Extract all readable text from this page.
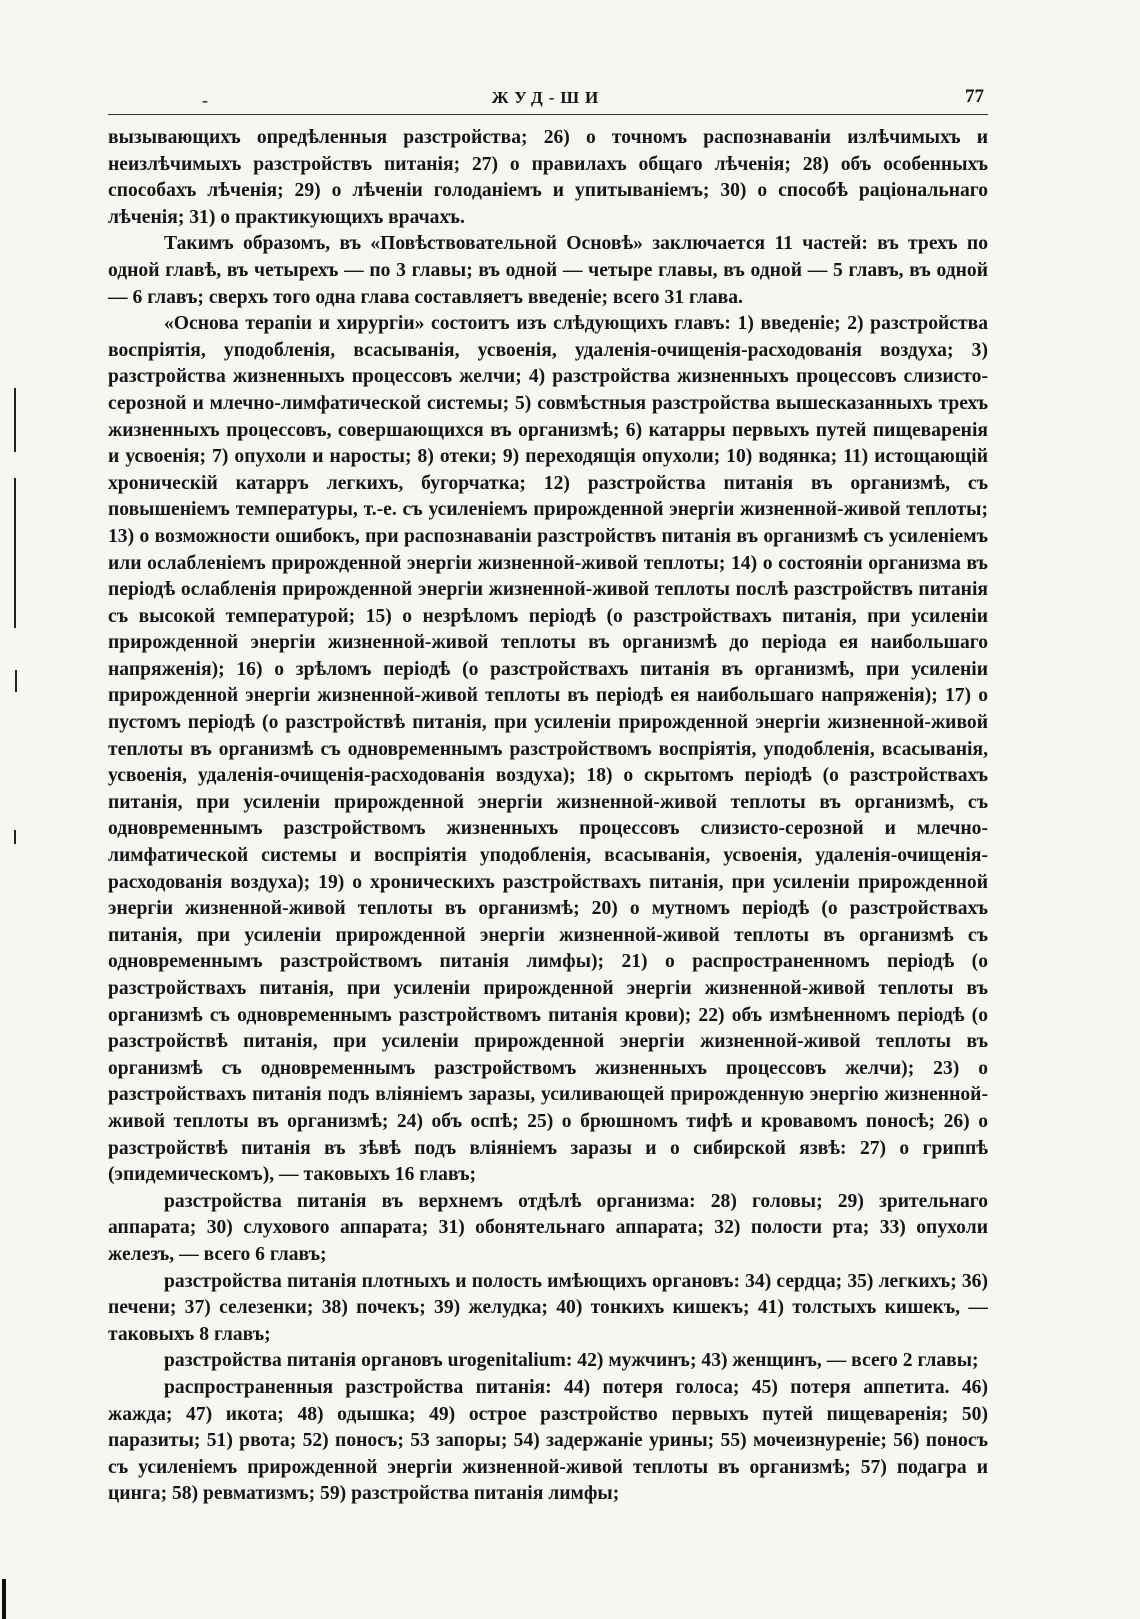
-	ЖУД-ШИ	77

вызывающихъ опредѣленныя разстройства; 26) о точномъ распознаваніи излѣчимыхъ и неизлѣчимыхъ разстройствъ питанія; 27) о правилахъ общаго лѣченія; 28) объ особенныхъ способахъ лѣченія; 29) о лѣченіи голоданіемъ и упитываніемъ; 30) о способѣ раціональнаго лѣченія; 31) о практикующихъ врачахъ.

Такимъ образомъ, въ «Повѣствовательной Основѣ» заключается 11 частей: въ трехъ по одной главѣ, въ четырехъ — по 3 главы; въ одной — четыре главы, въ одной — 5 главъ, въ одной — 6 главъ; сверхъ того одна глава составляетъ введеніе; всего 31 глава.

«Основа терапіи и хирургіи» состоитъ изъ слѣдующихъ главъ: 1) введеніе; 2) разстройства воспріятія, уподобленія, всасыванія, усвоенія, удаленія-очищенія-расходованія воздуха; 3) разстройства жизненныхъ процессовъ желчи; 4) разстройства жизненныхъ процессовъ слизисто-серозной и млечно-лимфатической системы; 5) совмѣстныя разстройства вышесказанныхъ трехъ жизненныхъ процессовъ, совершающихся въ организмѣ; 6) катарры первыхъ путей пищеваренія и усвоенія; 7) опухоли и наросты; 8) отеки; 9) переходящія опухоли; 10) водянка; 11) истощающій хроническій катарръ легкихъ, бугорчатка; 12) разстройства питанія въ организмѣ, съ повышеніемъ температуры, т.-е. съ усиленіемъ прирожденной энергіи жизненной-живой теплоты; 13) о возможности ошибокъ, при распознаваніи разстройствъ питанія въ организмѣ съ усиленіемъ или ослабленіемъ прирожденной энергіи жизненной-живой теплоты; 14) о состояніи организма въ періодѣ ослабленія прирожденной энергіи жизненной-живой теплоты послѣ разстройствъ питанія съ высокой температурой; 15) о незрѣломъ періодѣ (о разстройствахъ питанія, при усиленіи прирожденной энергіи жизненной-живой теплоты въ организмѣ до періода ея наибольшаго напряженія); 16) о зрѣломъ періодѣ (о разстройствахъ питанія въ организмѣ, при усиленіи прирожденной энергіи жизненной-живой теплоты въ періодѣ ея наибольшаго напряженія); 17) о пустомъ періодѣ (о разстройствѣ питанія, при усиленіи прирожденной энергіи жизненной-живой теплоты въ организмѣ съ одновременнымъ разстройствомъ воспріятія, уподобленія, всасыванія, усвоенія, удаленія-очищенія-расходованія воздуха); 18) о скрытомъ періодѣ (о разстройствахъ питанія, при усиленіи прирожденной энергіи жизненной-живой теплоты въ организмѣ, съ одновременнымъ разстройствомъ жизненныхъ процессовъ слизисто-серозной и млечно-лимфатической системы и воспріятія уподобленія, всасыванія, усвоенія, удаленія-очищенія-расходованія воздуха); 19) о хроническихъ разстройствахъ питанія, при усиленіи прирожденной энергіи жизненной-живой теплоты въ организмѣ; 20) о мутномъ періодѣ (о разстройствахъ питанія, при усиленіи прирожденной энергіи жизненной-живой теплоты въ организмѣ съ одновременнымъ разстройствомъ питанія лимфы); 21) о распространенномъ періодѣ (о разстройствахъ питанія, при усиленіи прирожденной энергіи жизненной-живой теплоты въ организмѣ съ одновременнымъ разстройствомъ питанія крови); 22) объ измѣненномъ періодѣ (о разстройствѣ питанія, при усиленіи прирожденной энергіи жизненной-живой теплоты въ организмѣ съ одновременнымъ разстройствомъ жизненныхъ процессовъ желчи); 23) о разстройствахъ питанія подъ вліяніемъ заразы, усиливающей прирожденную энергію жизненной-живой теплоты въ организмѣ; 24) объ оспѣ; 25) о брюшномъ тифѣ и кровавомъ поносѣ; 26) о разстройствѣ питанія въ зѣвѣ подъ вліяніемъ заразы и о сибирской язвѣ: 27) о гриппѣ (эпидемическомъ), — таковыхъ 16 главъ;

разстройства питанія въ верхнемъ отдѣлѣ организма: 28) головы; 29) зрительнаго аппарата; 30) слухового аппарата; 31) обонятельнаго аппарата; 32) полости рта; 33) опухоли железъ, — всего 6 главъ;

разстройства питанія плотныхъ и полость имѣющихъ органовъ: 34) сердца; 35) легкихъ; 36) печени; 37) селезенки; 38) почекъ; 39) желудка; 40) тонкихъ кишекъ; 41) толстыхъ кишекъ, — таковыхъ 8 главъ;

разстройства питанія органовъ urogenitalium: 42) мужчинъ; 43) женщинъ, — всего 2 главы;

распространенныя разстройства питанія: 44) потеря голоса; 45) потеря аппетита. 46) жажда; 47) икота; 48) одышка; 49) острое разстройство первыхъ путей пищеваренія; 50) паразиты; 51) рвота; 52) поносъ; 53 запоры; 54) задержаніе урины; 55) мочеизнуреніе; 56) поносъ съ усиленіемъ прирожденной энергіи жизненной-живой теплоты въ организмѣ; 57) подагра и цинга; 58) ревматизмъ; 59) разстройства питанія лимфы;
